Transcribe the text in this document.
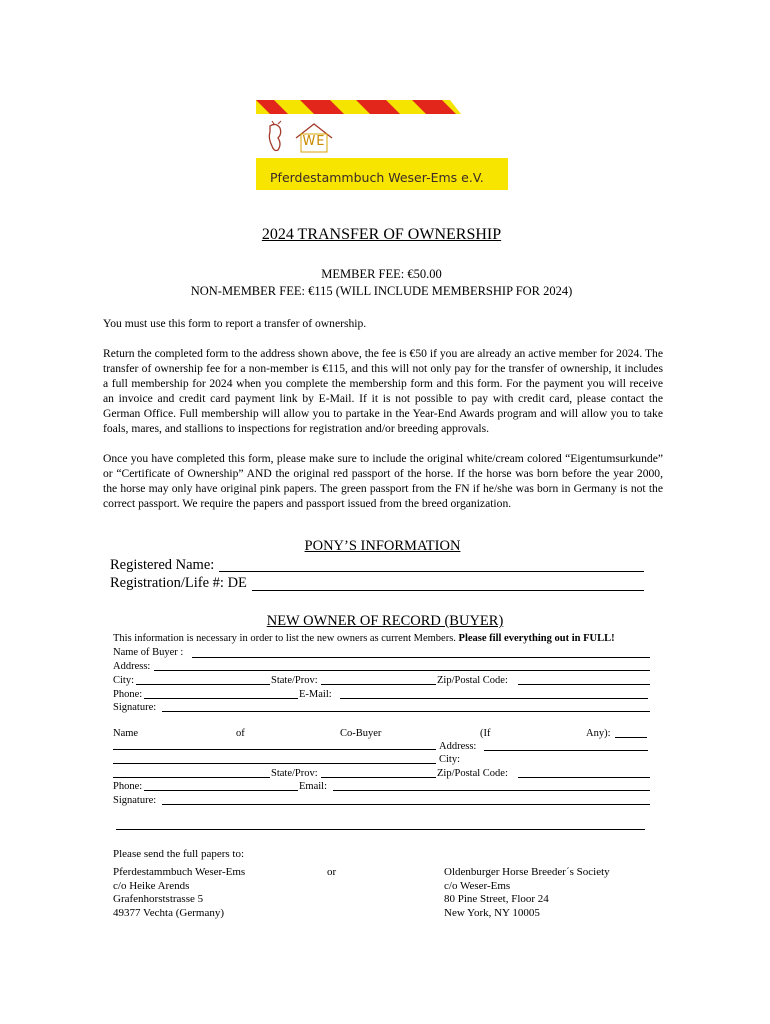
WE
Pferdestammbuch Weser-Ems e.V.
2024 TRANSFER OF OWNERSHIP
MEMBER FEE: €50.00
NON-MEMBER FEE: €115 (WILL INCLUDE MEMBERSHIP FOR 2024)
You must use this form to report a transfer of ownership.
Return the completed form to the address shown above, the fee is €50 if you are already an active member for 2024. The transfer of ownership fee for a non-member is €115, and this will not only pay for the transfer of ownership, it includes a full membership for 2024 when you complete the membership form and this form. For the payment you will receive an invoice and credit card payment link by E-Mail. If it is not possible to pay with credit card, please contact the German Office. Full membership will allow you to partake in the Year-End Awards program and will allow you to take foals, mares, and stallions to inspections for registration and/or breeding approvals.
Once you have completed this form, please make sure to include the original white/cream colored “Eigentumsurkunde” or “Certificate of Ownership” AND the original red passport of the horse. If the horse was born before the year 2000, the horse may only have original pink papers. The green passport from the FN if he/she was born in Germany is not the correct passport. We require the papers and passport issued from the breed organization.
PONY’S INFORMATION
Registered Name:
Registration/Life #: DE
NEW OWNER OF RECORD (BUYER)
This information is necessary in order to list the new owners as current Members. Please fill everything out in FULL!
Name of Buyer :
Address:
City:	State/Prov:	Zip/Postal Code:
Phone:	E-Mail:
Signature:
Name	of	Co-Buyer	(If	Any):
Address:
City:
State/Prov:	Zip/Postal Code:
Phone:	Email:
Signature:
Please send the full papers to:
Pferdestammbuch Weser-Ems
c/o Heike Arends
Grafenhorststrasse 5
49377 Vechta (Germany)
or	Oldenburger Horse Breeder´s Society
c/o Weser-Ems
80 Pine Street, Floor 24
New York, NY 10005
